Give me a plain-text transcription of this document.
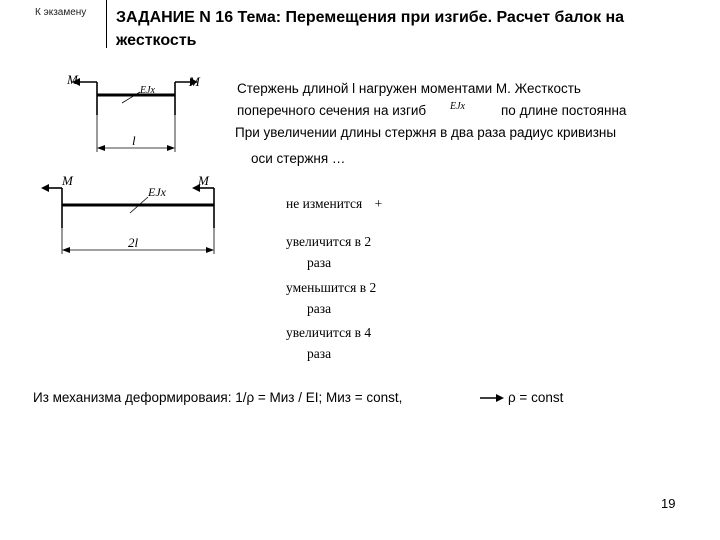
К экзамену ЗАДАНИЕ N 16 Тема: Перемещения при изгибе. Расчет балок на
жесткость
M	M
EJx
l
M	M
EJx
2l
Стержень длиной l нагружен моментами M. Жесткость
поперечного сечения на изгиб EJx	по длине постоянна
При увеличении длины стержня в два раза радиус кривизны
оси стержня …
не изменится +
увеличится в 2
раза
уменьшится в 2
раза
увеличится в 4
раза
Из механизма деформироваия: 1/ρ = Миз / EI; Миз = const,	ρ = const
19
